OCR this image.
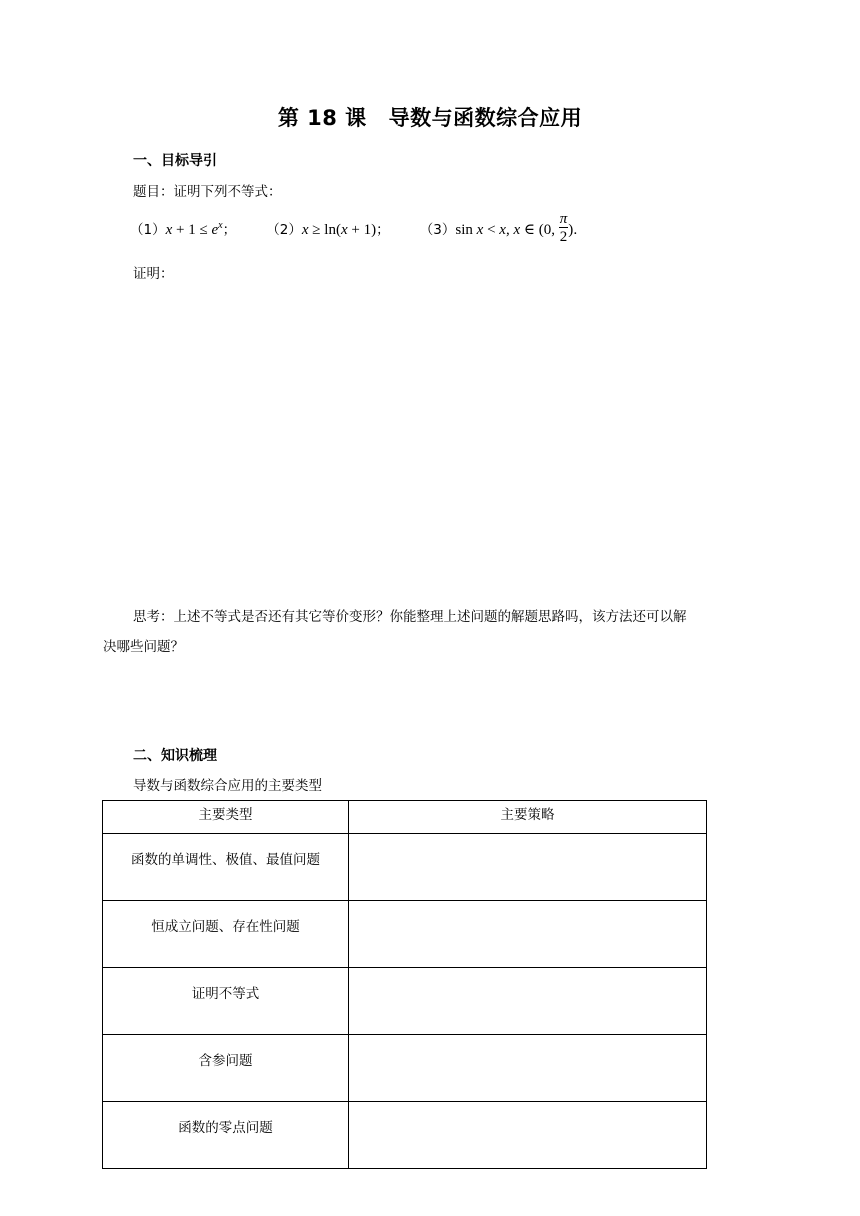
第 18 课 导数与函数综合应用
一、目标导引
题目：证明下列不等式：
$(1)x + 1 \le e^x$； （2）x ≥ ln(x + 1)； （3）sin x < x, x ∈ (0, $\frac{\pi}{2}$ )．
证明：
思考：上述不等式是否还有其它等价变形？你能整理上述问题的解题思路吗，该方法还可以解
决哪些问题？
二、知识梳理
导数与函数综合应用的主要类型
主要类型	主要策略
函数的单调性、极值、最值问题	
恒成立问题、存在性问题	
证明不等式	
含参问题	
函数的零点问题	
